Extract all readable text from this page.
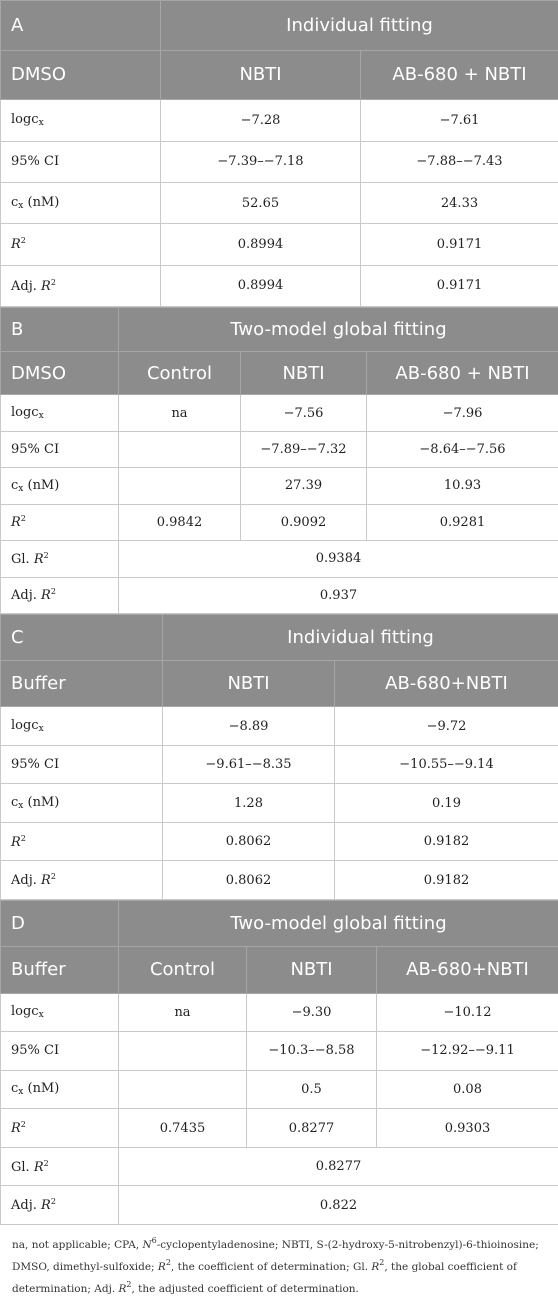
A	Individual fitting	
DMSO	NBTI	AB-680 + NBTI
logc$_x$	−7.28	−7.61
95% CI	−7.39–−7.18	−7.88–−7.43
$c_x$ (nM)	52.65	24.33
$R^2$	0.8994	0.9171
Adj. $R^2$	0.8994	0.9171
B	Two-model global fitting		
DMSO	Control	NBTI	AB-680 + NBTI
logc$_x$	na	−7.56	−7.96
95% CI		−7.89–−7.32	−8.64–−7.56
$c_x$ (nM)		27.39	10.93
$R^2$	0.9842	0.9092	0.9281
Gl. $R^2$	0.9384		
Adj. $R^2$	0.937		
C	Individual fitting	
Buffer	NBTI	AB-680+NBTI
logc$_x$	−8.89	−9.72
95% CI	−9.61–−8.35	−10.55–−9.14
$c_x$ (nM)	1.28	0.19
$R^2$	0.8062	0.9182
Adj. $R^2$	0.8062	0.9182
D	Two-model global fitting		
Buffer	Control	NBTI	AB-680+NBTI
logc$_x$	na	−9.30	−10.12
95% CI		−10.3–−8.58	−12.92–−9.11
$c_x$ (nM)		0.5	0.08
$R^2$	0.7435	0.8277	0.9303
Gl. $R^2$	0.8277		
Adj. $R^2$	0.822		
na, not applicable; CPA, $N^6$-cyclopentyladenosine; NBTI, S-(2-hydroxy-5-nitrobenzyl)-6-thioinosine; DMSO, dimethyl-sulfoxide; $R^2$, the coefficient of determination; Gl. $R^2$, the global coefficient of determination; Adj. $R^2$, the adjusted coefficient of determination.
